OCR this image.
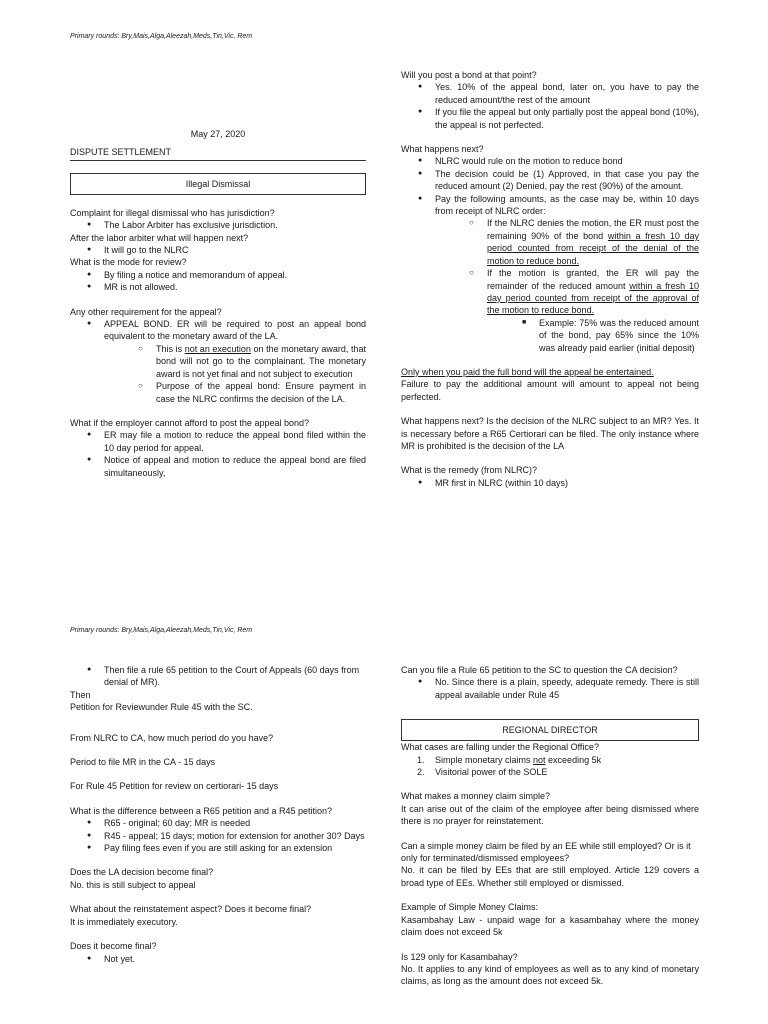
Primary rounds: Bry,Mais,Alga,Aleezah,Meds,Tin,Vic, Rem

May 27, 2020

DISPUTE SETTLEMENT

Illegal Dismissal

Complaint for illegal dismissal who has jurisdiction?

● The Labor Arbiter has exclusive jurisdiction.

After the labor arbiter what will happen next?

● It will go to the NLRC

What is the mode for review?

● By filing a notice and memorandum of appeal.
● MR is not allowed.

Any other requirement for the appeal?

● APPEAL BOND. ER will be required to post an appeal bond equivalent to the monetary award of the LA.
○ This is not an execution on the monetary award, that bond will not go to the complainant. The monetary award is not yet final and not subject to execution
○ Purpose of the appeal bond: Ensure payment in case the NLRC confirms the decision of the LA.

What if the employer cannot afford to post the appeal bond?

● ER may file a motion to reduce the appeal bond filed within the 10 day period for appeal.
● Notice of appeal and motion to reduce the appeal bond are filed simultaneously,

Will you post a bond at that point?

● Yes. 10% of the appeal bond, later on, you have to pay the reduced amount/the rest of the amount
● If you file the appeal but only partially post the appeal bond (10%), the appeal is not perfected.

What happens next?

● NLRC would rule on the motion to reduce bond
● The decision could be (1) Approved, in that case you pay the reduced amount (2) Denied, pay the rest (90%) of the amount.
● Pay the following amounts, as the case may be, within 10 days from receipt of NLRC order:
○ If the NLRC denies the motion, the ER must post the remaining 90% of the bond within a fresh 10 day period counted from receipt of the denial of the motion to reduce bond.
○ If the motion is granted, the ER will pay the remainder of the reduced amount within a fresh 10 day period counted from receipt of the approval of the motion to reduce bond.
■ Example: 75% was the reduced amount of the bond, pay 65% since the 10% was already paid earlier (initial deposit)

Only when you paid the full bond will the appeal be entertained.

Failure to pay the additional amount will amount to appeal not being perfected.

What happens next? Is the decision of the NLRC subject to an MR? Yes. It is necessary before a R65 Certiorari can be filed. The only instance where MR is prohibited is the decision of the LA

What is the remedy (from NLRC)?

● MR first in NLRC (within 10 days)
Primary rounds: Bry,Mais,Alga,Aleezah,Meds,Tin,Vic, Rem
● Then file a rule 65 petition to the Court of Appeals (60 days from denial of MR).

Then

Petition for Reviewunder Rule 45 with the SC.

From NLRC to CA, how much period do you have?

Period to file MR in the CA - 15 days

For Rule 45 Petition for review on certiorari- 15 days

What is the difference between a R65 petition and a R45 petition?

● R65 - original; 60 day; MR is needed
● R45 - appeal; 15 days; motion for extension for another 30? Days
● Pay filing fees even if you are still asking for an extension

Does the LA decision become final?

No. this is still subject to appeal

What about the reinstatement aspect? Does it become final?

It is immediately executory.

Does it become final?

● Not yet.

Can you file a Rule 65 petition to the SC to question the CA decision?

● No. Since there is a plain, speedy, adequate remedy. There is still appeal available under Rule 45
REGIONAL DIRECTOR

What cases are falling under the Regional Office?

1. Simple monetary claims not exceeding 5k
2. Visitorial power of the SOLE

What makes a monney claim simple?

It can arise out of the claim of the employee after being dismissed where there is no prayer for reinstatement.

Can a simple money claim be filed by an EE while still employed? Or is it only for terminated/dismissed employees?

No. it can be filed by EEs that are still employed. Article 129 covers a broad type of EEs. Whether still employed or dismissed.

Example of Simple Money Claims:

Kasambahay Law - unpaid wage for a kasambahay where the money claim does not exceed 5k

Is 129 only for Kasambahay?

No. It applies to any kind of employees as well as to any kind of monetary claims, as long as the amount does not exceed 5k.
